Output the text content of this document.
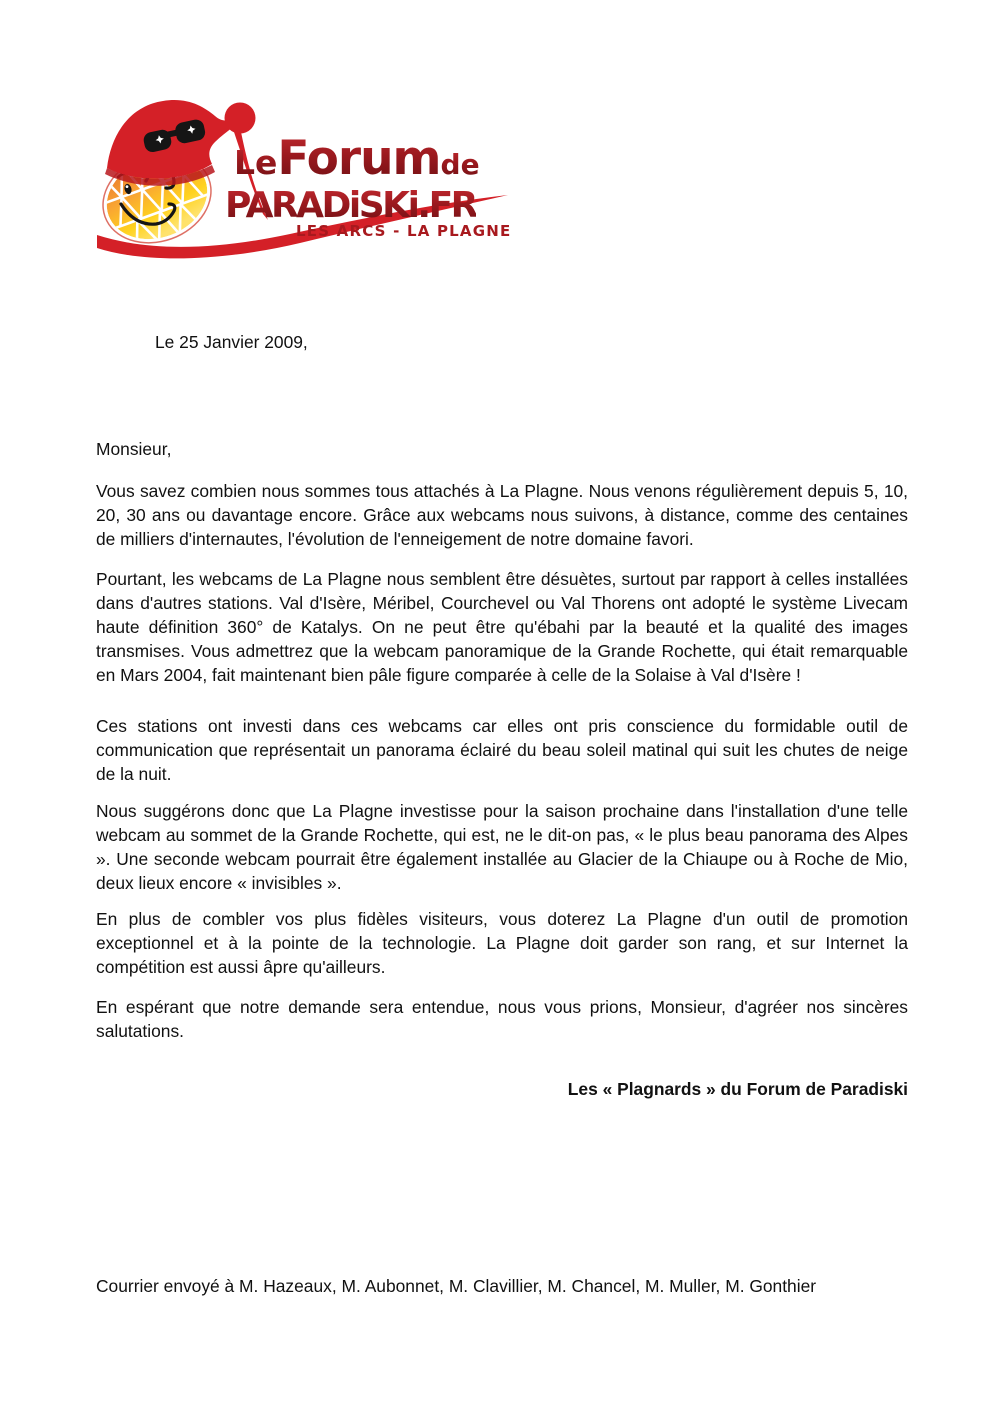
LeForumde
PARADiSKi.FR
LES ARCS - LA PLAGNE

Le 25 Janvier 2009,

Monsieur,

Vous savez combien nous sommes tous attachés à La Plagne. Nous venons régulièrement depuis 5, 10, 20, 30 ans ou davantage encore. Grâce aux webcams nous suivons, à distance, comme des centaines de milliers d'internautes, l'évolution de l'enneigement de notre domaine favori.

Pourtant, les webcams de La Plagne nous semblent être désuètes, surtout par rapport à celles installées dans d'autres stations. Val d'Isère, Méribel, Courchevel ou Val Thorens ont adopté le système Livecam haute définition 360° de Katalys. On ne peut être qu'ébahi par la beauté et la qualité des images transmises. Vous admettrez que la webcam panoramique de la Grande Rochette, qui était remarquable en Mars 2004, fait maintenant bien pâle figure comparée à celle de la Solaise à Val d'Isère !

Ces stations ont investi dans ces webcams car elles ont pris conscience du formidable outil de communication que représentait un panorama éclairé du beau soleil matinal qui suit les chutes de neige de la nuit.

Nous suggérons donc que La Plagne investisse pour la saison prochaine dans l'installation d'une telle webcam au sommet de la Grande Rochette, qui est, ne le dit-on pas, « le plus beau panorama des Alpes ». Une seconde webcam pourrait être également installée au Glacier de la Chiaupe ou à Roche de Mio, deux lieux encore « invisibles ».

En plus de combler vos plus fidèles visiteurs, vous doterez La Plagne d'un outil de promotion exceptionnel et à la pointe de la technologie. La Plagne doit garder son rang, et sur Internet la compétition est aussi âpre qu'ailleurs.

En espérant que notre demande sera entendue, nous vous prions, Monsieur, d'agréer nos sincères salutations.

Les « Plagnards » du Forum de Paradiski

Courrier envoyé à M. Hazeaux, M. Aubonnet, M. Clavillier, M. Chancel, M. Muller, M. Gonthier
